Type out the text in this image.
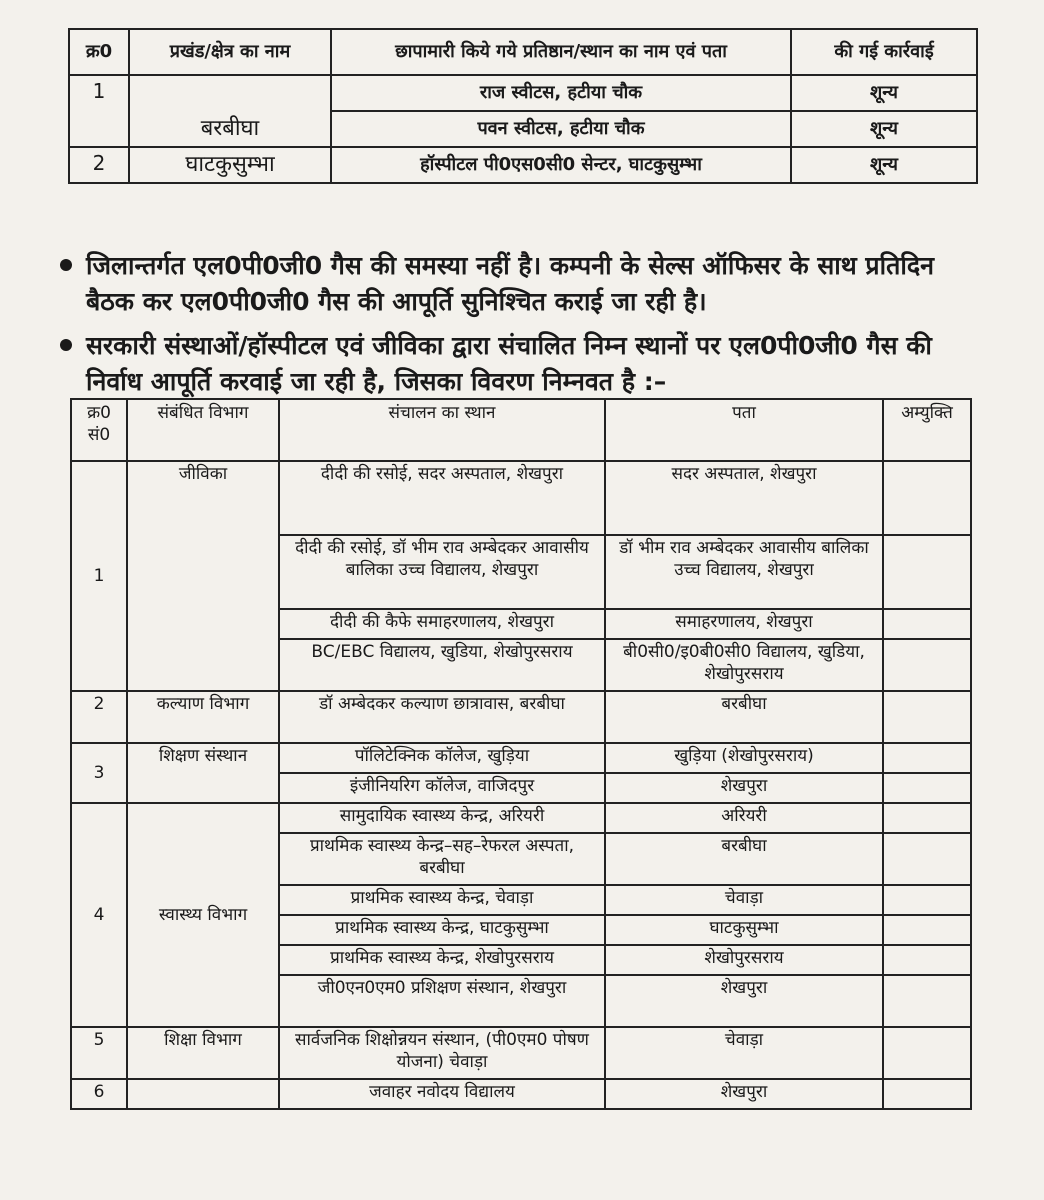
क्र0	प्रखंड/क्षेत्र का नाम	छापामारी किये गये प्रतिष्ठान/स्थान का नाम एवं पता	की गई कार्रवाई
1	बरबीघा	राज स्वीटस, हटीया चौक	शून्य
		पवन स्वीटस, हटीया चौक	शून्य
2	घाटकुसुम्भा	हॉस्पीटल पी0एस0सी0 सेन्टर, घाटकुसुम्भा	शून्य
जिलान्तर्गत एल0पी0जी0 गैस की समस्या नहीं है। कम्पनी के सेल्स ऑफिसर के साथ प्रतिदिन बैठक कर एल0पी0जी0 गैस की आपूर्ति सुनिश्चित कराई जा रही है।
सरकारी संस्थाओं/हॉस्पीटल एवं जीविका द्वारा संचालित निम्न स्थानों पर एल0पी0जी0 गैस की निर्वाध आपूर्ति करवाई जा रही है, जिसका विवरण निम्नवत है :–
क्र0 सं0	संबंधित विभाग	संचालन का स्थान	पता	अम्युक्ति
1	जीविका	दीदी की रसोई, सदर अस्पताल, शेखपुरा	सदर अस्पताल, शेखपुरा	
		दीदी की रसोई, डॉ भीम राव अम्बेदकर आवासीय बालिका उच्च विद्यालय, शेखपुरा	डॉ भीम राव अम्बेदकर आवासीय बालिका उच्च विद्यालय, शेखपुरा	
		दीदी की कैफे समाहरणालय, शेखपुरा	समाहरणालय, शेखपुरा	
		BC/EBC विद्यालय, खुडिया, शेखोपुरसराय	बी0सी0/इ0बी0सी0 विद्यालय, खुडिया, शेखोपुरसराय	
2	कल्याण विभाग	डॉ अम्बेदकर कल्याण छात्रावास, बरबीघा	बरबीघा	
3	शिक्षण संस्थान	पॉलिटेक्निक कॉलेज, खुड़िया	खुड़िया (शेखोपुरसराय)	
		इंजीनियरिग कॉलेज, वाजिदपुर	शेखपुरा	
4	स्वास्थ्य विभाग	सामुदायिक स्वास्थ्य केन्द्र, अरियरी	अरियरी	
		प्राथमिक स्वास्थ्य केन्द्र–सह–रेफरल अस्पता, बरबीघा	बरबीघा	
		प्राथमिक स्वास्थ्य केन्द्र, चेवाड़ा	चेवाड़ा	
		प्राथमिक स्वास्थ्य केन्द्र, घाटकुसुम्भा	घाटकुसुम्भा	
		प्राथमिक स्वास्थ्य केन्द्र, शेखोपुरसराय	शेखोपुरसराय	
		जी0एन0एम0 प्रशिक्षण संस्थान, शेखपुरा	शेखपुरा	
5	शिक्षा विभाग	सार्वजनिक शिक्षोन्नयन संस्थान, (पी0एम0 पोषण योजना) चेवाड़ा	चेवाड़ा	
6		जवाहर नवोदय विद्यालय	शेखपुरा	
